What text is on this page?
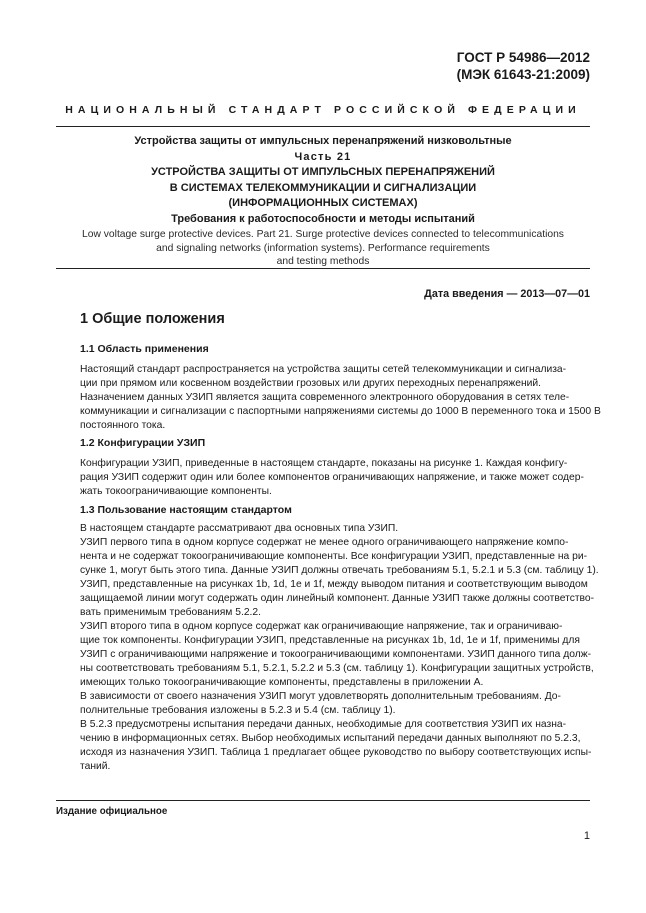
ГОСТ Р 54986—2012
(МЭК 61643-21:2009)
НАЦИОНАЛЬНЫЙ СТАНДАРТ РОССИЙСКОЙ ФЕДЕРАЦИИ
Устройства защиты от импульсных перенапряжений низковольтные
Часть 21
УСТРОЙСТВА ЗАЩИТЫ ОТ ИМПУЛЬСНЫХ ПЕРЕНАПРЯЖЕНИЙ
В СИСТЕМАХ ТЕЛЕКОММУНИКАЦИИ И СИГНАЛИЗАЦИИ
(ИНФОРМАЦИОННЫХ СИСТЕМАХ)
Требования к работоспособности и методы испытаний
Low voltage surge protective devices. Part 21. Surge protective devices connected to telecommunications
and signaling networks (information systems). Performance requirements
and testing methods
Дата введения — 2013—07—01
1 Общие положения
1.1 Область применения

Настоящий стандарт распространяется на устройства защиты сетей телекоммуникации и сигнализа-
ции при прямом или косвенном воздействии грозовых или других переходных перенапряжений.

Назначением данных УЗИП является защита современного электронного оборудования в сетях теле-
коммуникации и сигнализации с паспортными напряжениями системы до 1000 В переменного тока и 1500 В
постоянного тока.

1.2 Конфигурации УЗИП

Конфигурации УЗИП, приведенные в настоящем стандарте, показаны на рисунке 1. Каждая конфигу-
рация УЗИП содержит один или более компонентов ограничивающих напряжение, и также может содер-
жать токоограничивающие компоненты.

1.3 Пользование настоящим стандартом

В настоящем стандарте рассматривают два основных типа УЗИП.

УЗИП первого типа в одном корпусе содержат не менее одного ограничивающего напряжение компо-
нента и не содержат токоограничивающие компоненты. Все конфигурации УЗИП, представленные на ри-
сунке 1, могут быть этого типа. Данные УЗИП должны отвечать требованиям 5.1, 5.2.1 и 5.3 (см. таблицу 1).
УЗИП, представленные на рисунках 1b, 1d, 1e и 1f, между выводом питания и соответствующим выводом
защищаемой линии могут содержать один линейный компонент. Данные УЗИП также должны соответство-
вать применимым требованиям 5.2.2.

УЗИП второго типа в одном корпусе содержат как ограничивающие напряжение, так и ограничиваю-
щие ток компоненты. Конфигурации УЗИП, представленные на рисунках 1b, 1d, 1e и 1f, применимы для
УЗИП с ограничивающими напряжение и токоограничивающими компонентами. УЗИП данного типа долж-
ны соответствовать требованиям 5.1, 5.2.1, 5.2.2 и 5.3 (см. таблицу 1). Конфигурации защитных устройств,
имеющих только токоограничивающие компоненты, представлены в приложении А.

В зависимости от своего назначения УЗИП могут удовлетворять дополнительным требованиям. До-
полнительные требования изложены в 5.2.3 и 5.4 (см. таблицу 1).

В 5.2.3 предусмотрены испытания передачи данных, необходимые для соответствия УЗИП их назна-
чению в информационных сетях. Выбор необходимых испытаний передачи данных выполняют по 5.2.3,
исходя из назначения УЗИП. Таблица 1 предлагает общее руководство по выбору соответствующих испы-
таний.

Издание официальное
1
